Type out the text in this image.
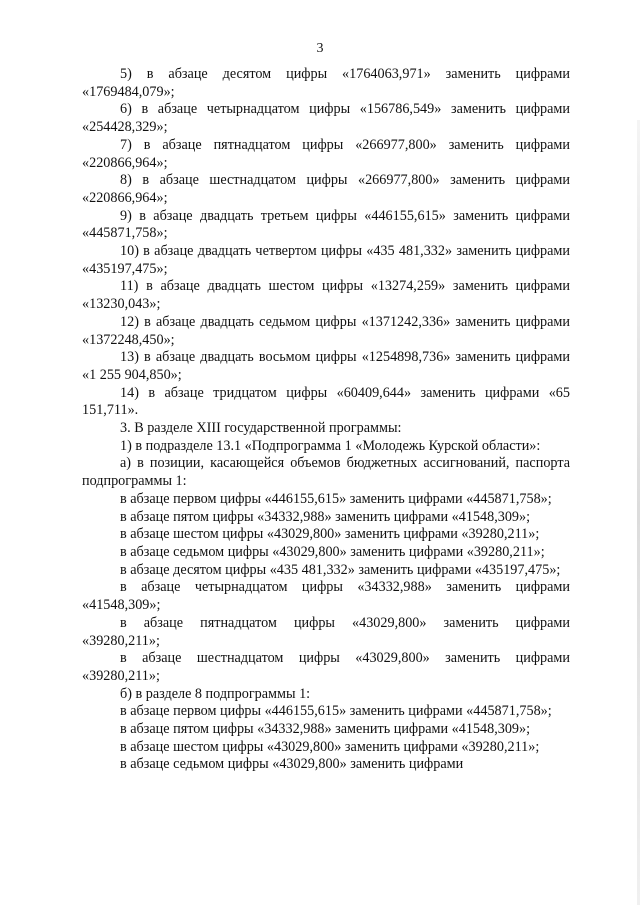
3

5) в абзаце десятом цифры «1764063,971» заменить цифрами «1769484,079»;

6) в абзаце четырнадцатом цифры «156786,549» заменить цифрами «254428,329»;

7) в абзаце пятнадцатом цифры «266977,800» заменить цифрами «220866,964»;

8) в абзаце шестнадцатом цифры «266977,800» заменить цифрами «220866,964»;

9) в абзаце двадцать третьем цифры «446155,615» заменить цифрами «445871,758»;

10) в абзаце двадцать четвертом цифры «435 481,332» заменить цифрами «435197,475»;

11) в абзаце двадцать шестом цифры «13274,259» заменить цифрами «13230,043»;

12) в абзаце двадцать седьмом цифры «1371242,336» заменить цифрами «1372248,450»;

13) в абзаце двадцать восьмом цифры «1254898,736» заменить цифрами «1 255 904,850»;

14) в абзаце тридцатом цифры «60409,644» заменить цифрами «65 151,711».

3. В разделе XIII государственной программы:

1) в подразделе 13.1 «Подпрограмма 1 «Молодежь Курской области»:

а) в позиции, касающейся объемов бюджетных ассигнований, паспорта подпрограммы 1:

в абзаце первом цифры «446155,615» заменить цифрами «445871,758»;

в абзаце пятом цифры «34332,988» заменить цифрами «41548,309»;

в абзаце шестом цифры «43029,800» заменить цифрами «39280,211»;

в абзаце седьмом цифры «43029,800» заменить цифрами «39280,211»;

в абзаце десятом цифры «435 481,332» заменить цифрами «435197,475»;

в абзаце четырнадцатом цифры «34332,988» заменить цифрами «41548,309»;

в абзаце пятнадцатом цифры «43029,800» заменить цифрами «39280,211»;

в абзаце шестнадцатом цифры «43029,800» заменить цифрами «39280,211»;

б) в разделе 8 подпрограммы 1:

в абзаце первом цифры «446155,615» заменить цифрами «445871,758»;

в абзаце пятом цифры «34332,988» заменить цифрами «41548,309»;

в абзаце шестом цифры «43029,800» заменить цифрами «39280,211»;

в абзаце седьмом цифры «43029,800» заменить цифрами
